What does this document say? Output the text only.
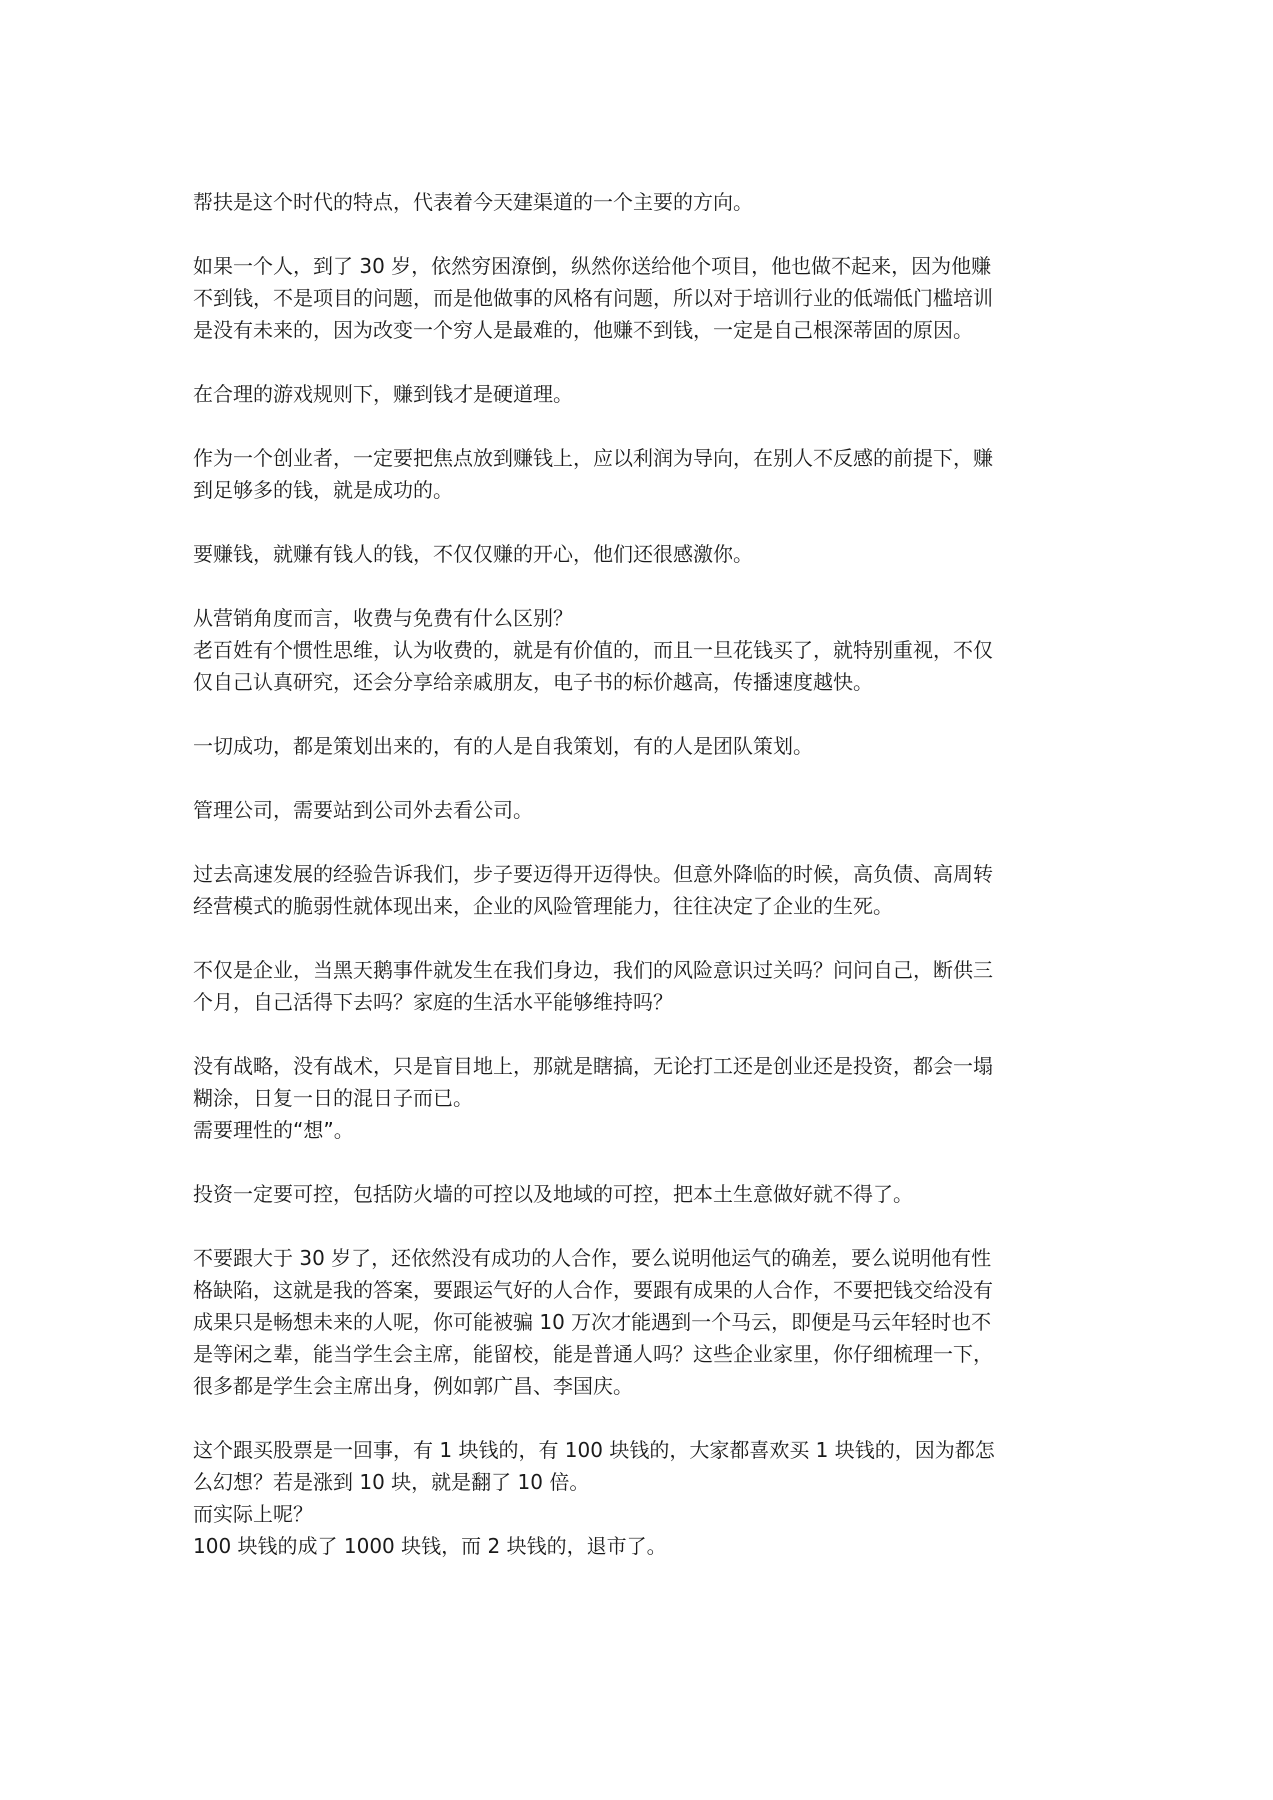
帮扶是这个时代的特点，代表着今天建渠道的一个主要的方向。

如果一个人，到了 30 岁，依然穷困潦倒，纵然你送给他个项目，他也做不起来，因为他赚
不到钱，不是项目的问题，而是他做事的风格有问题，所以对于培训行业的低端低门槛培训
是没有未来的，因为改变一个穷人是最难的，他赚不到钱，一定是自己根深蒂固的原因。

在合理的游戏规则下，赚到钱才是硬道理。

作为一个创业者，一定要把焦点放到赚钱上，应以利润为导向，在别人不反感的前提下，赚
到足够多的钱，就是成功的。

要赚钱，就赚有钱人的钱，不仅仅赚的开心，他们还很感激你。

从营销角度而言，收费与免费有什么区别？
老百姓有个惯性思维，认为收费的，就是有价值的，而且一旦花钱买了，就特别重视，不仅
仅自己认真研究，还会分享给亲戚朋友，电子书的标价越高，传播速度越快。

一切成功，都是策划出来的，有的人是自我策划，有的人是团队策划。

管理公司，需要站到公司外去看公司。

过去高速发展的经验告诉我们，步子要迈得开迈得快。但意外降临的时候，高负债、高周转
经营模式的脆弱性就体现出来，企业的风险管理能力，往往决定了企业的生死。

不仅是企业，当黑天鹅事件就发生在我们身边，我们的风险意识过关吗？问问自己，断供三
个月，自己活得下去吗？家庭的生活水平能够维持吗？

没有战略，没有战术，只是盲目地上，那就是瞎搞，无论打工还是创业还是投资，都会一塌
糊涂，日复一日的混日子而已。
需要理性的“想”。

投资一定要可控，包括防火墙的可控以及地域的可控，把本土生意做好就不得了。

不要跟大于 30 岁了，还依然没有成功的人合作，要么说明他运气的确差，要么说明他有性
格缺陷，这就是我的答案，要跟运气好的人合作，要跟有成果的人合作，不要把钱交给没有
成果只是畅想未来的人呢，你可能被骗 10 万次才能遇到一个马云，即便是马云年轻时也不
是等闲之辈，能当学生会主席，能留校，能是普通人吗？这些企业家里，你仔细梳理一下，
很多都是学生会主席出身，例如郭广昌、李国庆。

这个跟买股票是一回事，有 1 块钱的，有 100 块钱的，大家都喜欢买 1 块钱的，因为都怎
么幻想？若是涨到 10 块，就是翻了 10 倍。
而实际上呢？
100 块钱的成了 1000 块钱，而 2 块钱的，退市了。
